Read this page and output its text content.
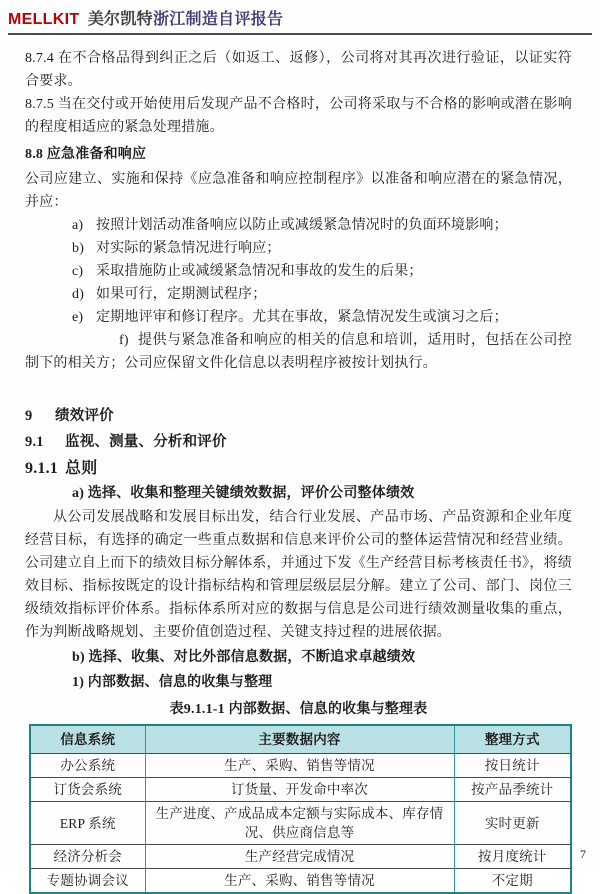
MELLKIT 美尔凯特浙江制造自评报告

8.7.4 在不合格品得到纠正之后（如返工、返修），公司将对其再次进行验证，以证实符合要求。

8.7.5 当在交付或开始使用后发现产品不合格时，公司将采取与不合格的影响或潜在影响的程度相适应的紧急处理措施。

8.8 应急准备和响应

公司应建立、实施和保持《应急准备和响应控制程序》以准备和响应潜在的紧急情况，并应：

a) 按照计划活动准备响应以防止或减缓紧急情况时的负面环境影响；

b) 对实际的紧急情况进行响应；

c) 采取措施防止或减缓紧急情况和事故的发生的后果；

d) 如果可行，定期测试程序；

e) 定期地评审和修订程序。尤其在事故，紧急情况发生或演习之后；

f) 提供与紧急准备和响应的相关的信息和培训，适用时，包括在公司控制下的相关方；公司应保留文件化信息以表明程序被按计划执行。

9 绩效评价

9.1 监视、测量、分析和评价

9.1.1 总则

a) 选择、收集和整理关键绩效数据，评价公司整体绩效

从公司发展战略和发展目标出发，结合行业发展、产品市场、产品资源和企业年度经营目标，有选择的确定一些重点数据和信息来评价公司的整体运营情况和经营业绩。公司建立自上而下的绩效目标分解体系，并通过下发《生产经营目标考核责任书》，将绩效目标、指标按既定的设计指标结构和管理层级层层分解。建立了公司、部门、岗位三级绩效指标评价体系。指标体系所对应的数据与信息是公司进行绩效测量收集的重点，作为判断战略规划、主要价值创造过程、关键支持过程的进展依据。

b) 选择、收集、对比外部信息数据，不断追求卓越绩效

1) 内部数据、信息的收集与整理

表9.1.1-1 内部数据、信息的收集与整理表

信息系统	主要数据内容	整理方式
办公系统	生产、采购、销售等情况	按日统计
订货会系统	订货量、开发命中率次	按产品季统计
ERP 系统	生产进度、产成品成本定额与实际成本、库存情况、供应商信息等	实时更新
经济分析会	生产经营完成情况	按月度统计
专题协调会议	生产、采购、销售等情况	不定期
7
